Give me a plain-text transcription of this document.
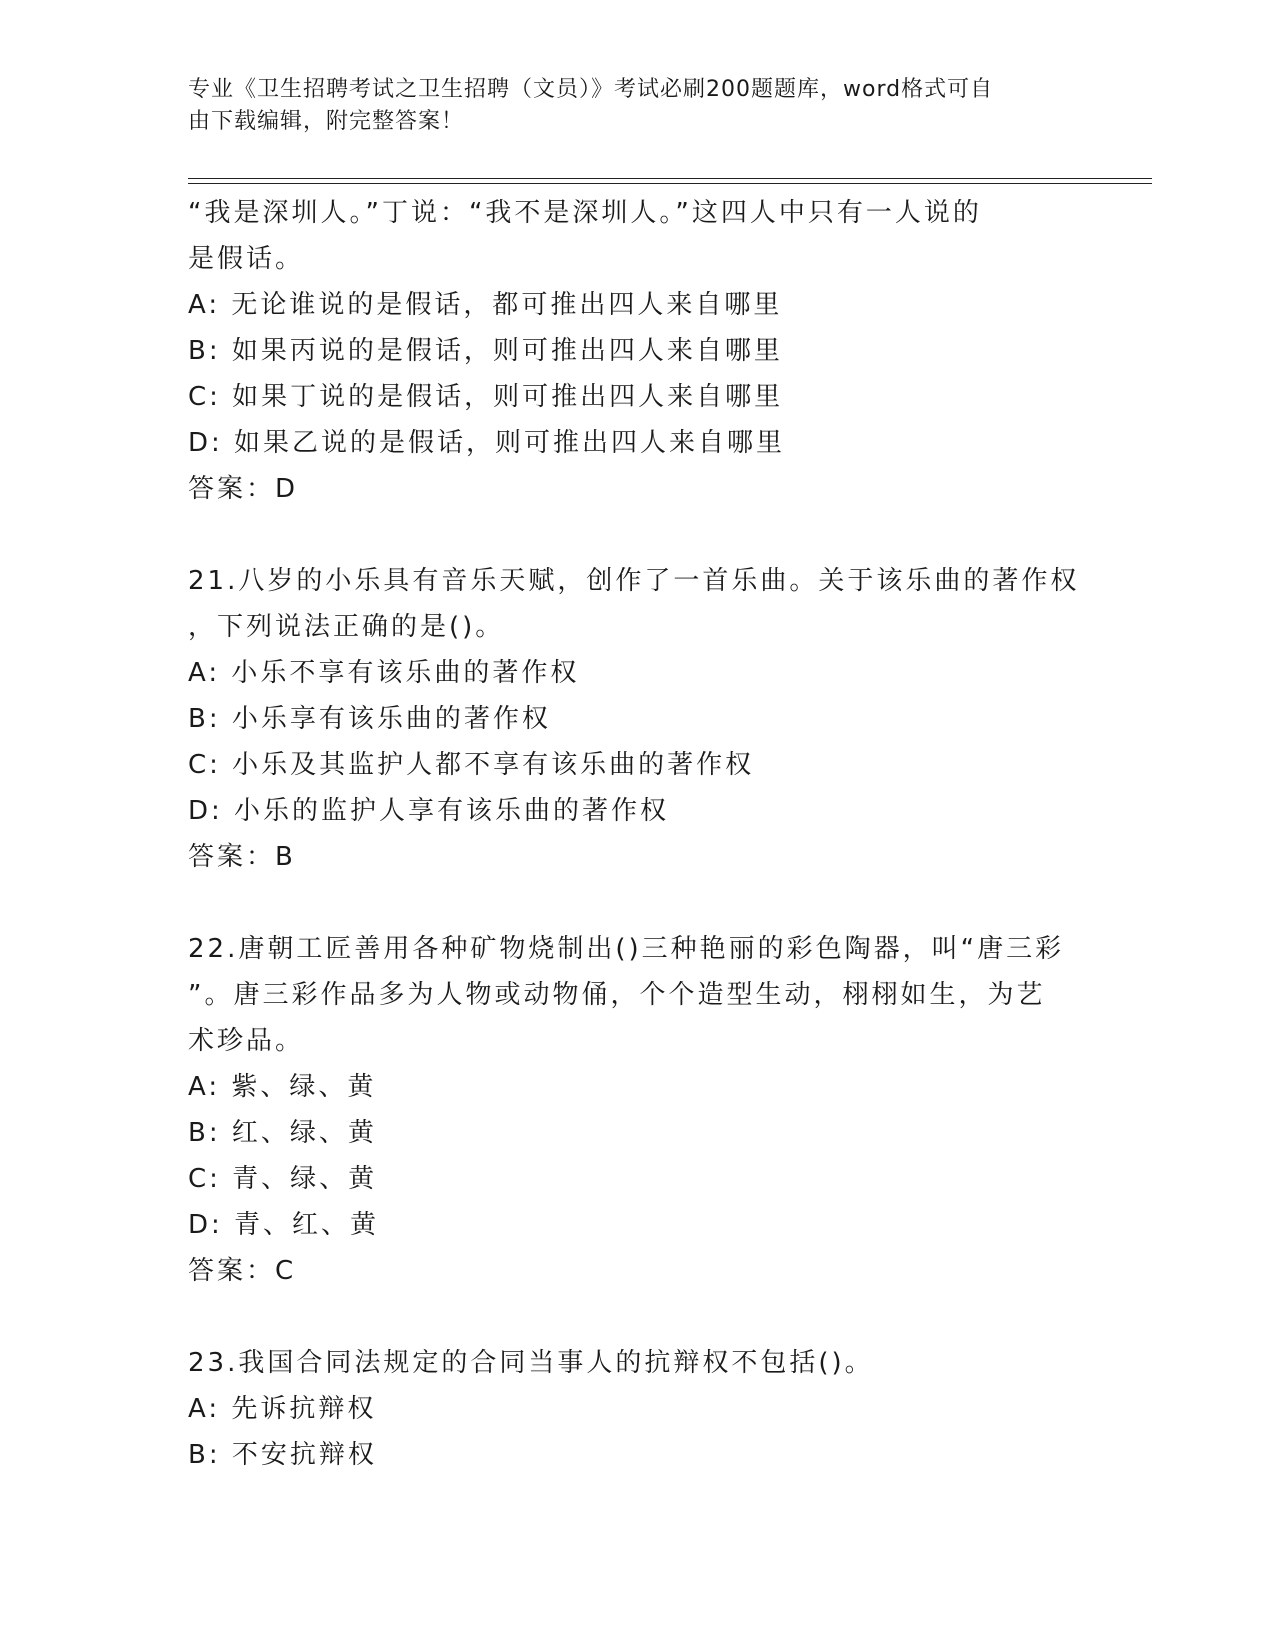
专业《卫生招聘考试之卫生招聘（文员）》考试必刷200题题库，word格式可自
由下载编辑，附完整答案！
“我是深圳人。”丁说：“我不是深圳人。”这四人中只有一人说的
是假话。
A: 无论谁说的是假话，都可推出四人来自哪里
B: 如果丙说的是假话，则可推出四人来自哪里
C: 如果丁说的是假话，则可推出四人来自哪里
D: 如果乙说的是假话，则可推出四人来自哪里
答案：D
21.八岁的小乐具有音乐天赋，创作了一首乐曲。关于该乐曲的著作权
，下列说法正确的是()。
A: 小乐不享有该乐曲的著作权
B: 小乐享有该乐曲的著作权
C: 小乐及其监护人都不享有该乐曲的著作权
D: 小乐的监护人享有该乐曲的著作权
答案：B
22.唐朝工匠善用各种矿物烧制出()三种艳丽的彩色陶器，叫“唐三彩
”。唐三彩作品多为人物或动物俑，个个造型生动，栩栩如生，为艺
术珍品。
A: 紫、绿、黄
B: 红、绿、黄
C: 青、绿、黄
D: 青、红、黄
答案：C
23.我国合同法规定的合同当事人的抗辩权不包括()。
A: 先诉抗辩权
B: 不安抗辩权
